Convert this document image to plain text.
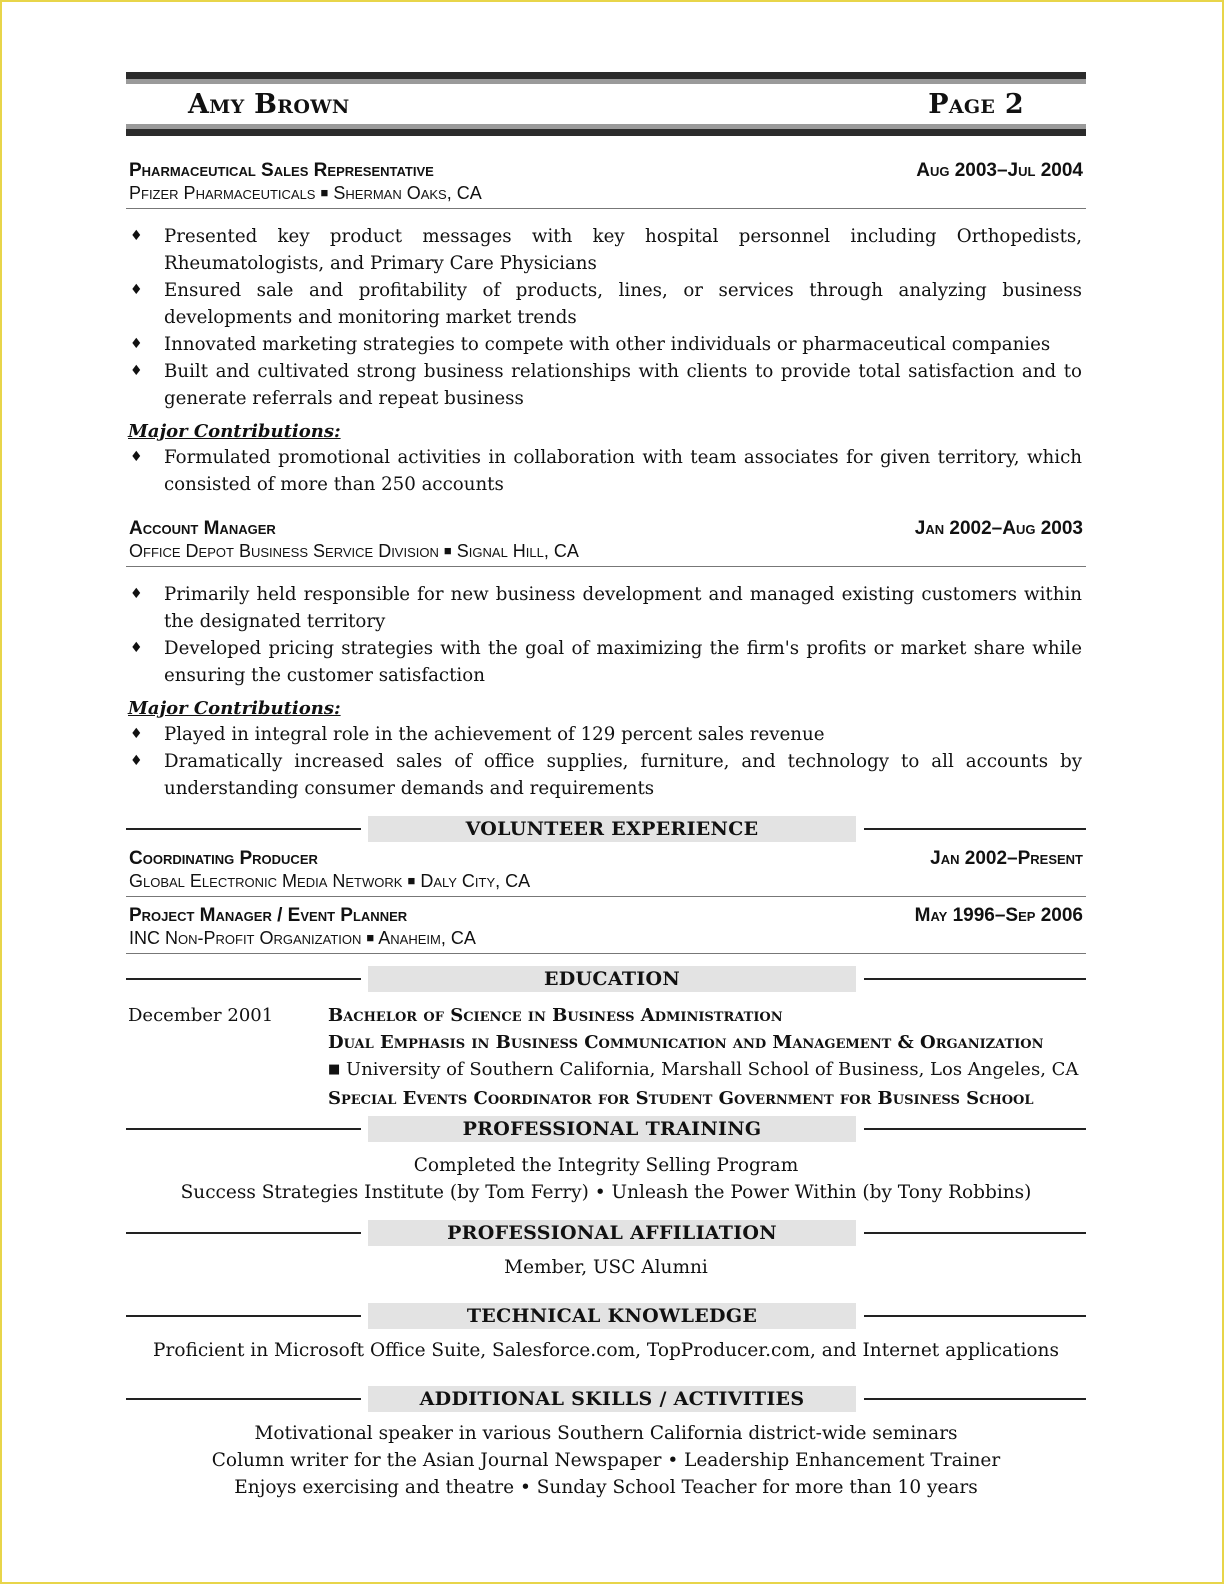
Amy Brown	Page 2
Pharmaceutical Sales Representative	Aug 2003–Jul 2004
Pfizer Pharmaceuticals ■ Sherman Oaks, CA
♦ Presented key product messages with key hospital personnel including Orthopedists, Rheumatologists, and Primary Care Physicians
♦ Ensured sale and profitability of products, lines, or services through analyzing business developments and monitoring market trends
♦ Innovated marketing strategies to compete with other individuals or pharmaceutical companies
♦ Built and cultivated strong business relationships with clients to provide total satisfaction and to generate referrals and repeat business
Major Contributions:
♦ Formulated promotional activities in collaboration with team associates for given territory, which consisted of more than 250 accounts
Account Manager	Jan 2002–Aug 2003
Office Depot Business Service Division ■ Signal Hill, CA
♦ Primarily held responsible for new business development and managed existing customers within the designated territory
♦ Developed pricing strategies with the goal of maximizing the firm's profits or market share while ensuring the customer satisfaction
Major Contributions:
♦ Played in integral role in the achievement of 129 percent sales revenue
♦ Dramatically increased sales of office supplies, furniture, and technology to all accounts by understanding consumer demands and requirements
VOLUNTEER EXPERIENCE
Coordinating Producer	Jan 2002–Present
Global Electronic Media Network ■ Daly City, CA
Project Manager / Event Planner	May 1996–Sep 2006
INC Non-Profit Organization ■ Anaheim, CA
EDUCATION
December 2001	Bachelor of Science in Business Administration
Dual Emphasis in Business Communication and Management & Organization
■ University of Southern California, Marshall School of Business, Los Angeles, CA
Special Events Coordinator for Student Government for Business School
PROFESSIONAL TRAINING
Completed the Integrity Selling Program
Success Strategies Institute (by Tom Ferry) • Unleash the Power Within (by Tony Robbins)
PROFESSIONAL AFFILIATION
Member, USC Alumni
TECHNICAL KNOWLEDGE
Proficient in Microsoft Office Suite, Salesforce.com, TopProducer.com, and Internet applications
ADDITIONAL SKILLS / ACTIVITIES
Motivational speaker in various Southern California district-wide seminars
Column writer for the Asian Journal Newspaper • Leadership Enhancement Trainer
Enjoys exercising and theatre • Sunday School Teacher for more than 10 years
